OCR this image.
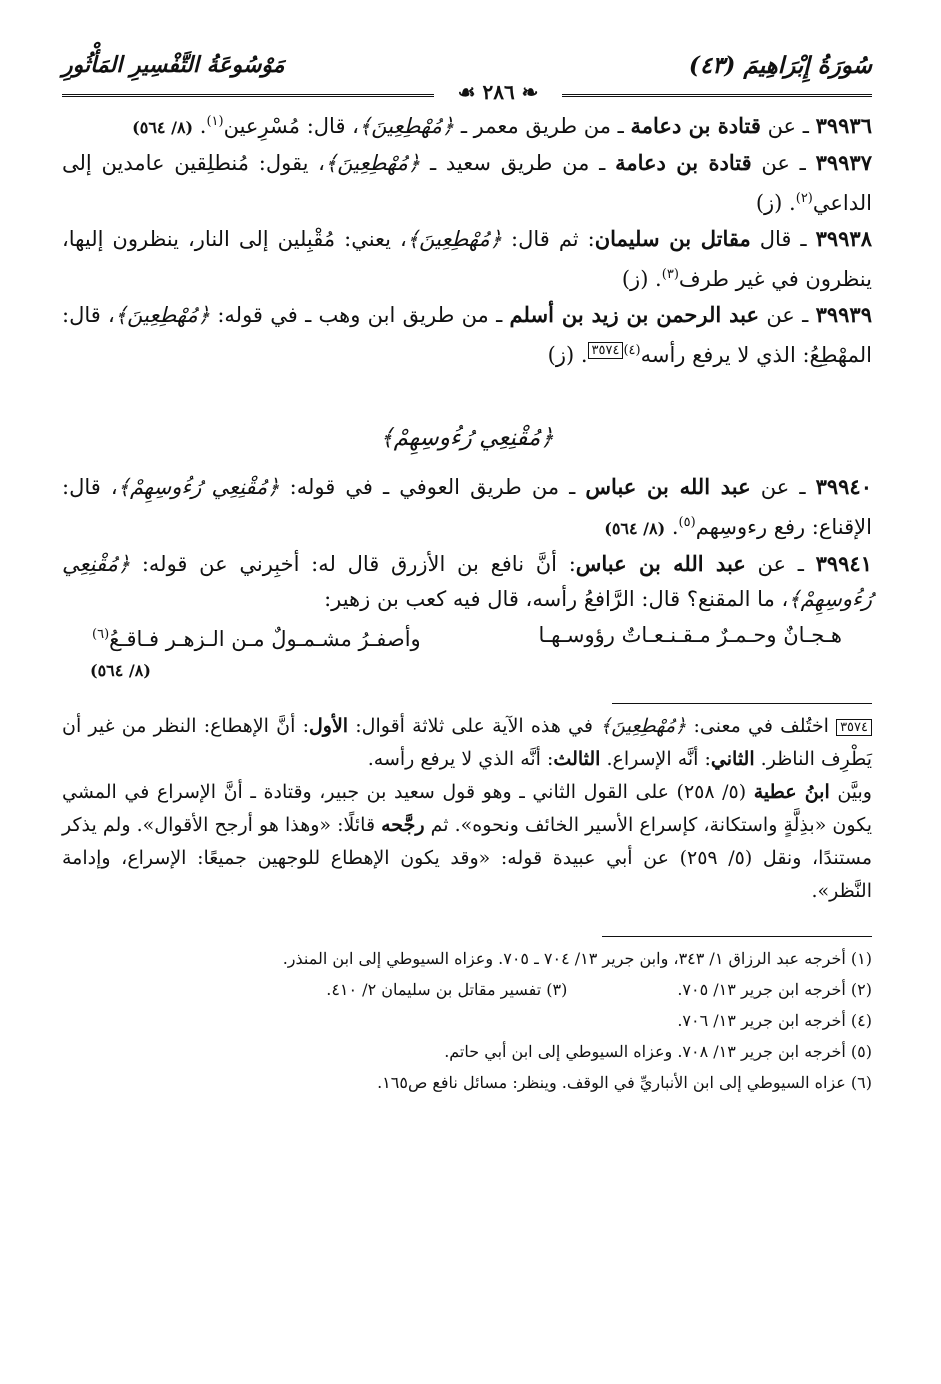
سُورَةُ إِبْرَاهِيمَ (٤٣)
مَوْسُوعَةُ التَّفْسِيرِ المَأْثُورِ
❧ ٢٨٦ ☙

٣٩٩٣٦ ـ عن قتادة بن دعامة ـ من طريق معمر ـ ﴿مُهْطِعِينَ﴾، قال: مُسْرِعين$^{(١)}$. (٨/ ٥٦٤)

٣٩٩٣٧ ـ عن قتادة بن دعامة ـ من طريق سعيد ـ ﴿مُهْطِعِينَ﴾، يقول: مُنطلِقين عامدين إلى الداعي$^{(٢)}$. (ز)

٣٩٩٣٨ ـ قال مقاتل بن سليمان: ثم قال: ﴿مُهْطِعِينَ﴾، يعني: مُقْبِلين إلى النار، ينظرون إليها، ينظرون في غير طرف$^{(٣)}$. (ز)

٣٩٩٣٩ ـ عن عبد الرحمن بن زيد بن أسلم ـ من طريق ابن وهب ـ في قوله: ﴿مُهْطِعِينَ﴾، قال: المهْطِعُ: الذي لا يرفع رأسه$^{(٤)}$٣٥٧٤. (ز)

﴿مُقْنِعِي رُءُوسِهِمْ﴾

٣٩٩٤٠ ـ عن عبد الله بن عباس ـ من طريق العوفي ـ في قوله: ﴿مُقْنِعِي رُءُوسِهِمْ﴾، قال: الإقناع: رفع رءوسِهم$^{(٥)}$. (٨/ ٥٦٤)

٣٩٩٤١ ـ عن عبد الله بن عباس: أنَّ نافع بن الأزرق قال له: أخبِرني عن قوله: ﴿مُقْنِعِي رُءُوسِهِمْ﴾، ما المقنع؟ قال: الرَّافعُ رأسه، قال فيه كعب بن زهير:

هـجـانٌ وحـمـرٌ مـقـنـعـاتٌ رؤوسـهـا
وأصفـرُ مشـمـولٌ مـن الـزهـر فـاقـعُ$^{(٦)}$
(٨/ ٥٦٤)

٣٥٧٤ اختُلف في معنى: ﴿مُهْطِعِينَ﴾ في هذه الآية على ثلاثة أقوال: الأول: أنَّ الإهطاع: النظر من غير أن يَطْرِف الناظر. الثاني: أنَّه الإسراع. الثالث: أنَّه الذي لا يرفع رأسه.

وبيَّن ابنُ عطية (٥/ ٢٥٨) على القول الثاني ـ وهو قول سعيد بن جبير، وقتادة ـ أنَّ الإسراع في المشي يكون «بذِلَّةٍ واستكانة، كإسراع الأسير الخائف ونحوه». ثم رجَّحه قائلًا: «وهذا هو أرجح الأقوال». ولم يذكر مستندًا، ونقل (٥/ ٢٥٩) عن أبي عبيدة قوله: «وقد يكون الإهطاع للوجهين جميعًا: الإسراع، وإدامة النَّظر».

(١) أخرجه عبد الرزاق ١/ ٣٤٣، وابن جرير ١٣/ ٧٠٤ ـ ٧٠٥. وعزاه السيوطي إلى ابن المنذر.

(٢) أخرجه ابن جرير ١٣/ ٧٠٥.
(٣) تفسير مقاتل بن سليمان ٢/ ٤١٠.

(٤) أخرجه ابن جرير ١٣/ ٧٠٦.

(٥) أخرجه ابن جرير ١٣/ ٧٠٨. وعزاه السيوطي إلى ابن أبي حاتم.

(٦) عزاه السيوطي إلى ابن الأنباريِّ في الوقف. وينظر: مسائل نافع ص١٦٥.
